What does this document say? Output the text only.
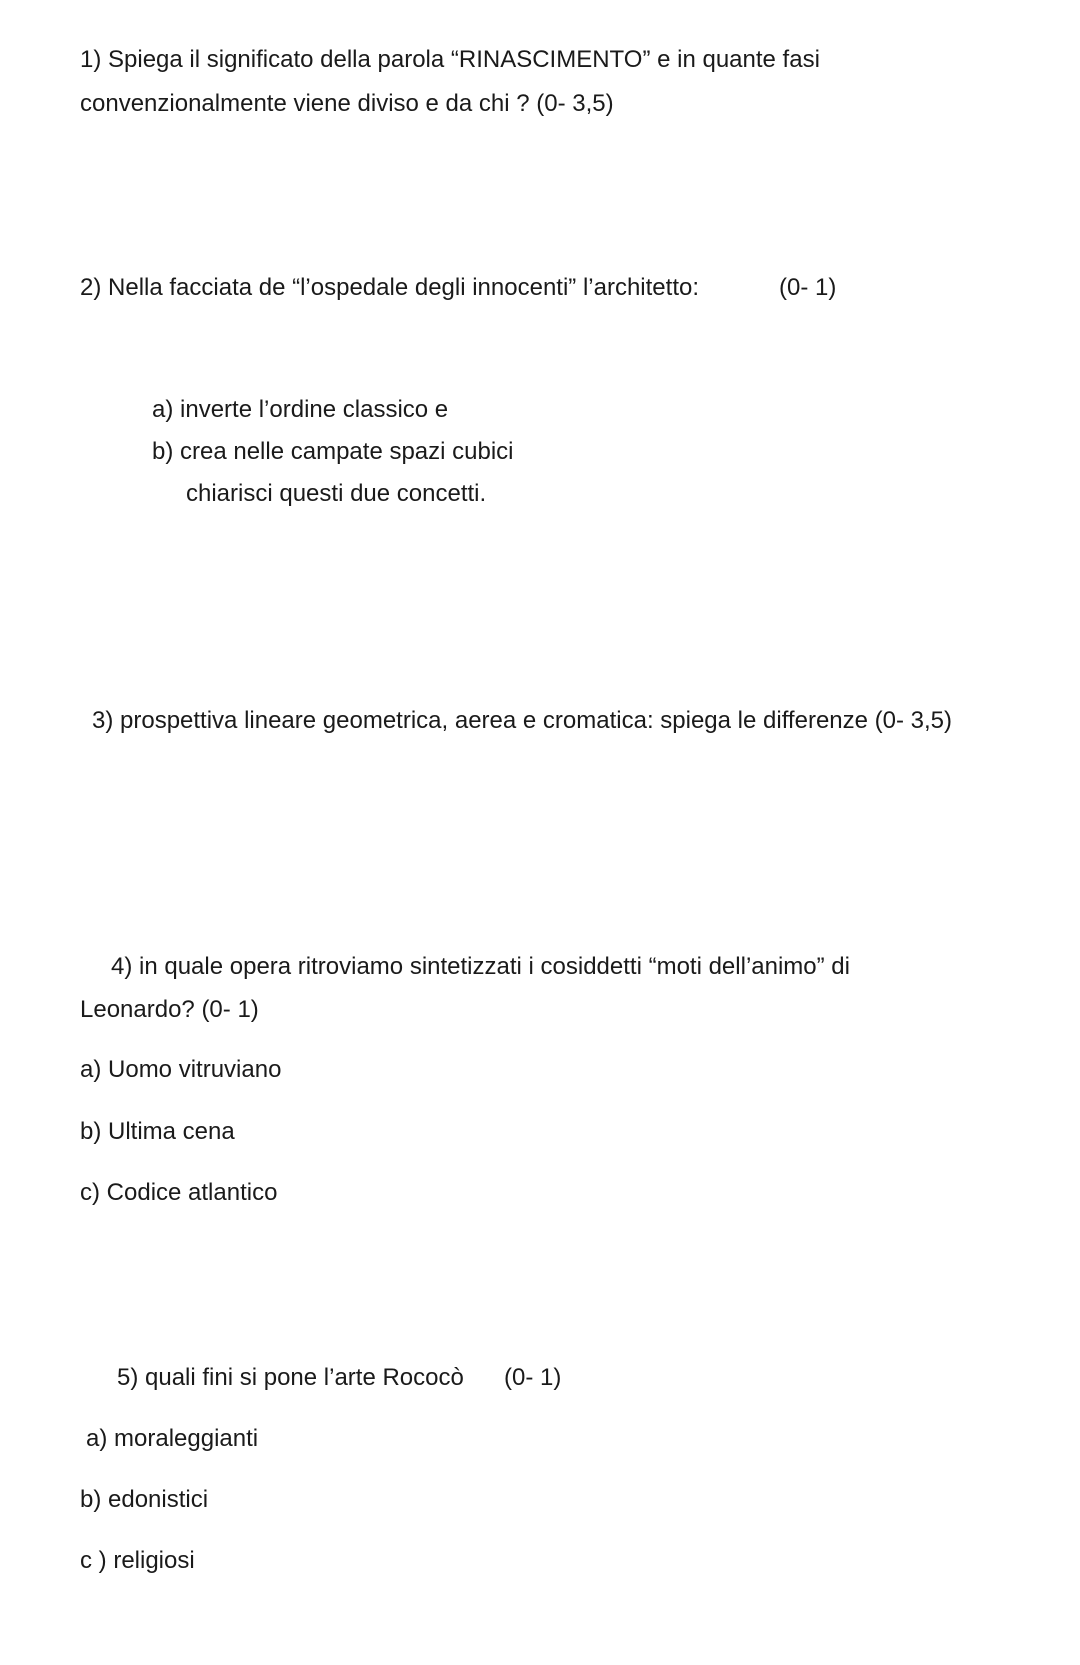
1) Spiega il significato della parola “RINASCIMENTO” e in quante fasi
convenzionalmente viene diviso e da chi ? (0- 3,5)
2) Nella facciata de “l’ospedale degli innocenti” l’architetto:	(0- 1)
a) inverte l’ordine classico e
b) crea nelle campate spazi cubici
chiarisci questi due concetti.
3) prospettiva lineare geometrica, aerea e cromatica: spiega le differenze (0- 3,5)
4) in quale opera ritroviamo sintetizzati i cosiddetti “moti dell’animo” di
Leonardo? (0- 1)
a) Uomo vitruviano
b) Ultima cena
c) Codice atlantico
5) quali fini si pone l’arte Rococò (0- 1)
a) moraleggianti
b) edonistici
c ) religiosi
